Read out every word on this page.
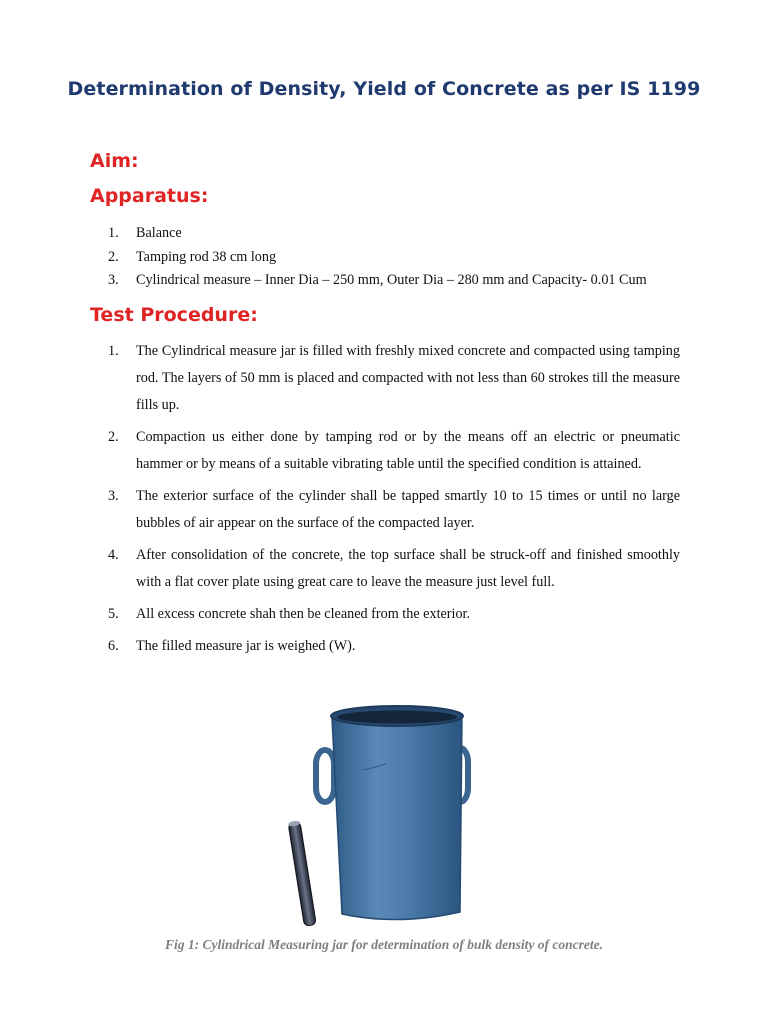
Determination of Density, Yield of Concrete as per IS 1199
Aim:
Apparatus:
1. Balance
2. Tamping rod 38 cm long
3. Cylindrical measure – Inner Dia – 250 mm, Outer Dia – 280 mm and Capacity- 0.01 Cum
Test Procedure:
1. The Cylindrical measure jar is filled with freshly mixed concrete and compacted using tamping rod. The layers of 50 mm is placed and compacted with not less than 60 strokes till the measure fills up.
2. Compaction us either done by tamping rod or by the means off an electric or pneumatic hammer or by means of a suitable vibrating table until the specified condition is attained.
3. The exterior surface of the cylinder shall be tapped smartly 10 to 15 times or until no large bubbles of air appear on the surface of the compacted layer.
4. After consolidation of the concrete, the top surface shall be struck-off and finished smoothly with a flat cover plate using great care to leave the measure just level full.
5. All excess concrete shah then be cleaned from the exterior.
6. The filled measure jar is weighed (W).
Fig 1: Cylindrical Measuring jar for determination of bulk density of concrete.
